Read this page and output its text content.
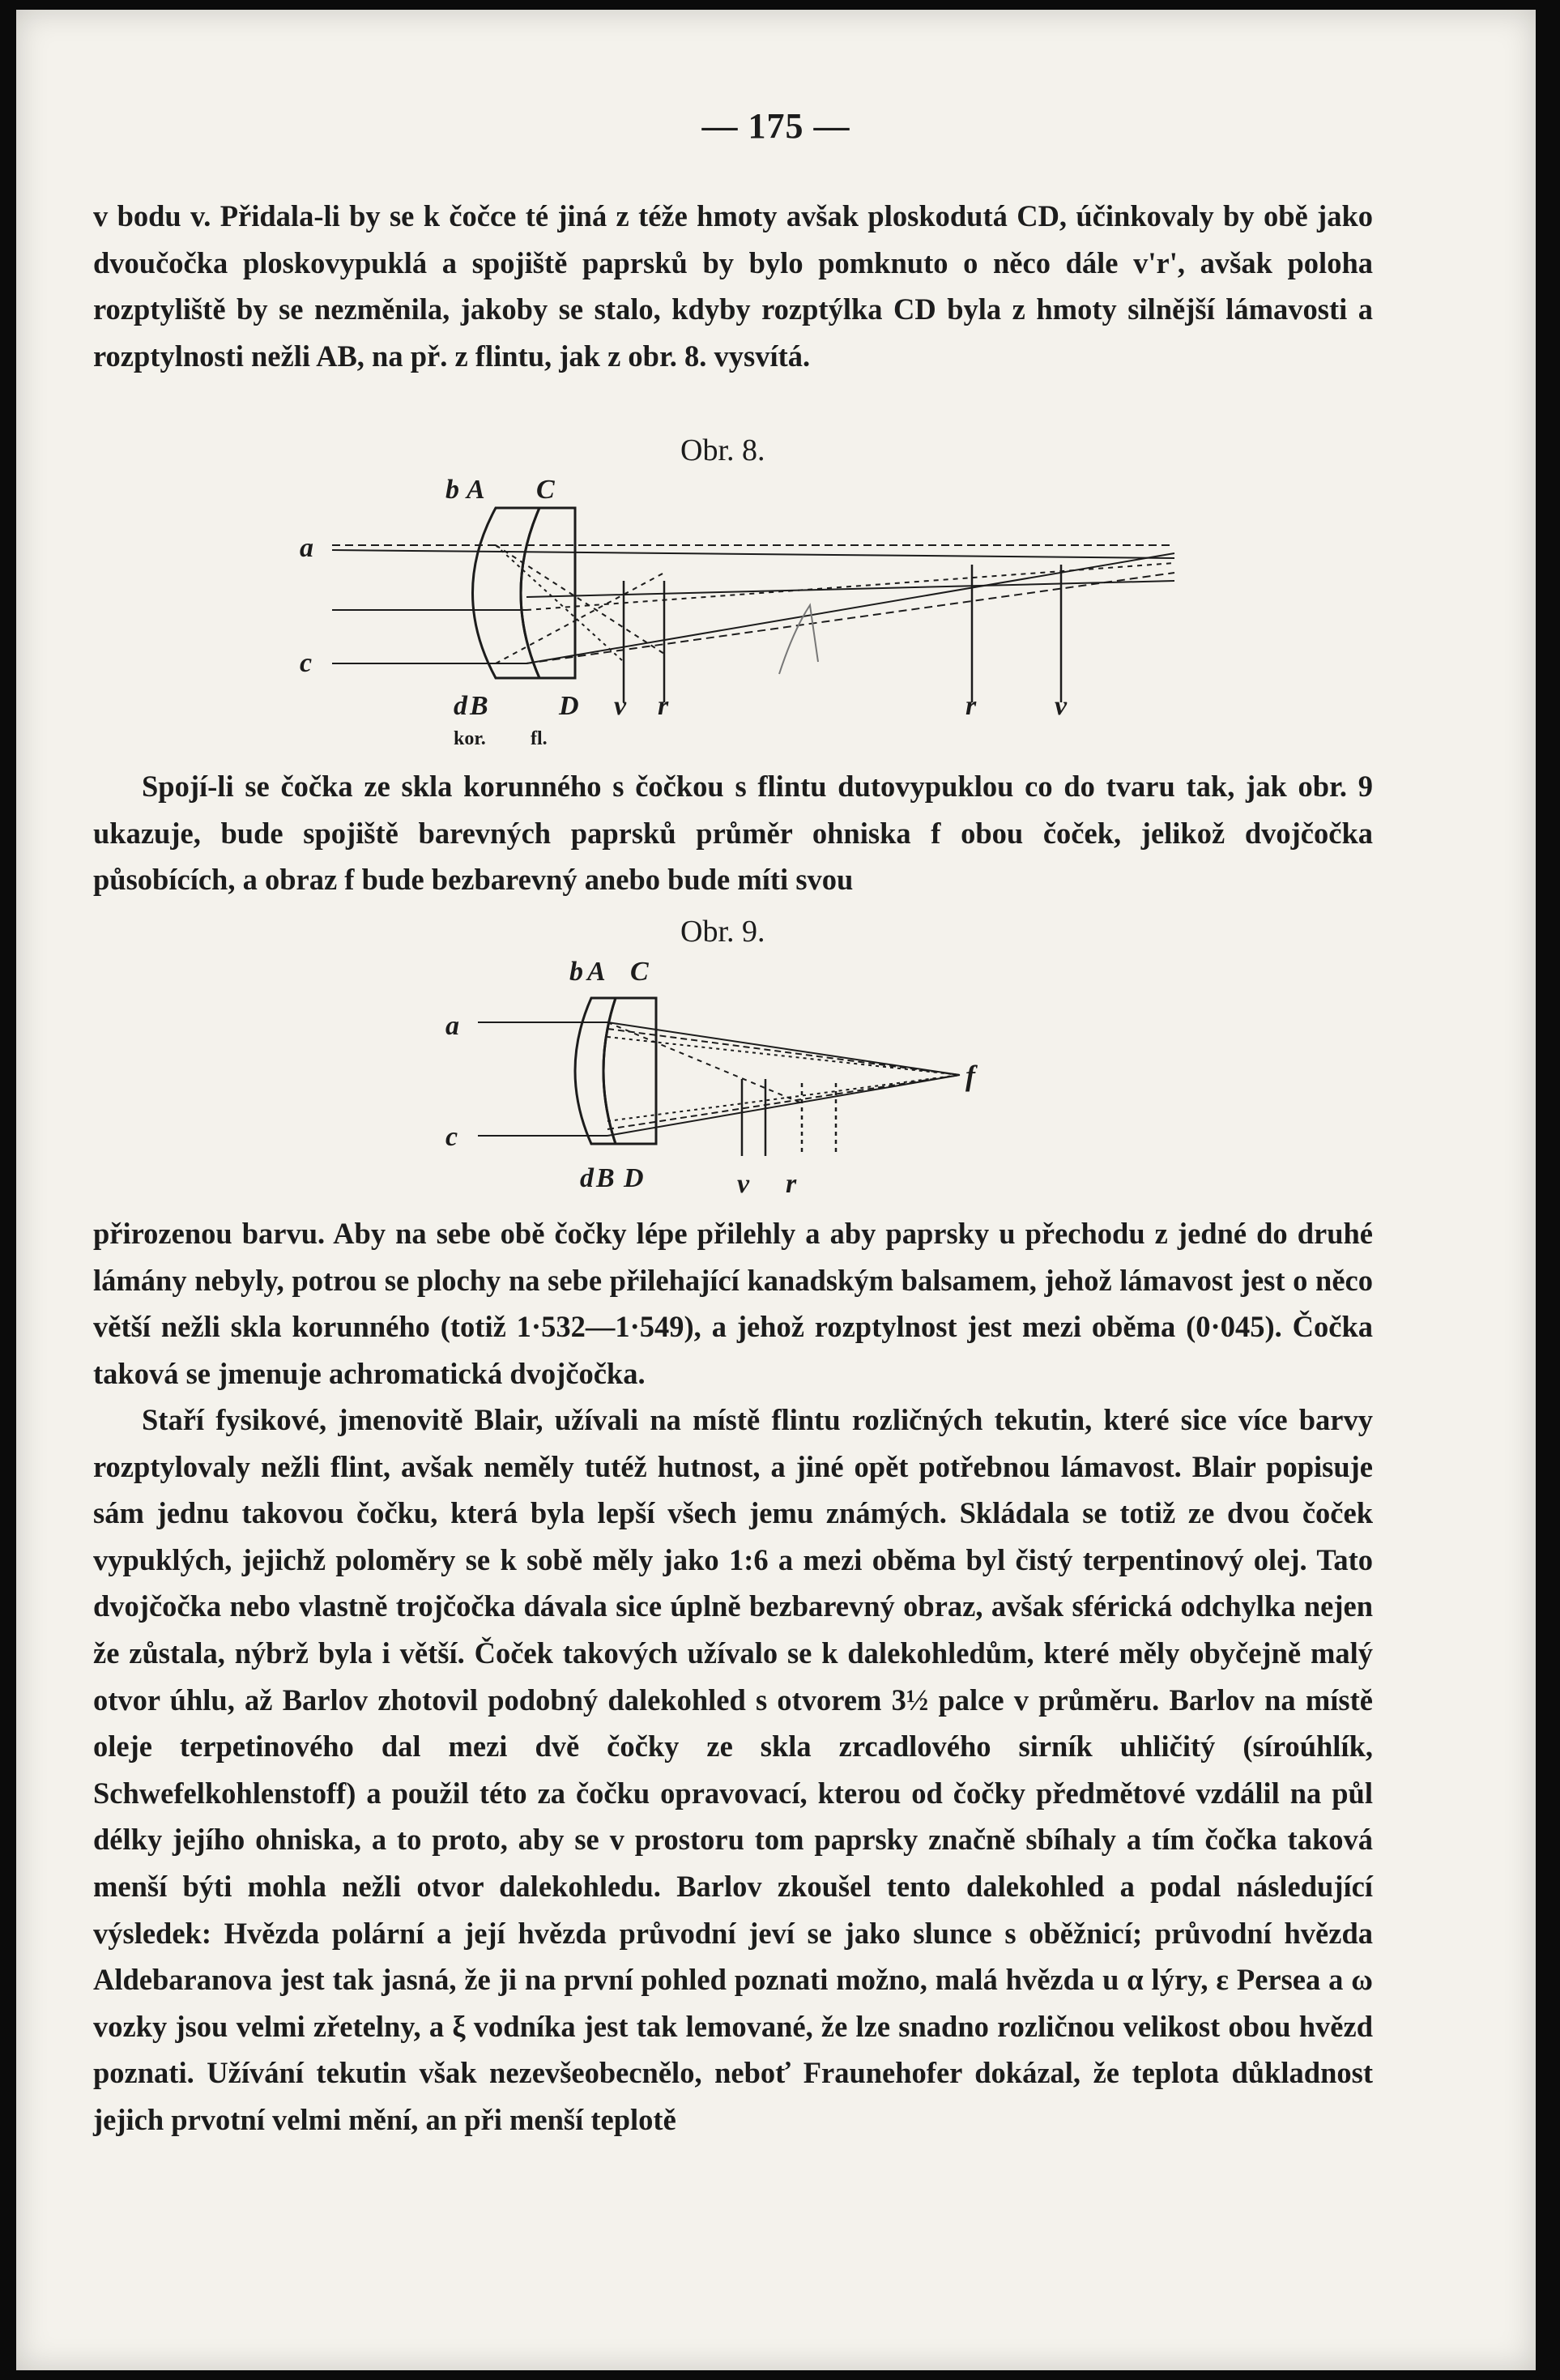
— 175 —

v bodu v. Přidala-li by se k čočce té jiná z téže hmoty avšak ploskodutá CD, účinkovaly by obě jako dvoučočka ploskovypuklá a spojiště paprsků by bylo pomknuto o něco dále v'r', avšak poloha rozptyliště by se nezměnila, jakoby se stalo, kdyby rozptýlka CD byla z hmoty silnější lámavosti a rozptylnosti nežli AB, na př. z flintu, jak z obr. 8. vysvítá.

Obr. 8.
b A C
a
c
d B	D v r	r	v
kor. fl.

Spojí-li se čočka ze skla korunného s čočkou s flintu dutovypuklou co do tvaru tak, jak obr. 9 ukazuje, bude spojiště barevných paprsků průměr ohniska f obou čoček, jelikož dvojčočka působících, a obraz f bude bezbarevný anebo bude míti svou

Obr. 9.
b A C
a
c
f
d B D	v r

přirozenou barvu. Aby na sebe obě čočky lépe přilehly a aby paprsky u přechodu z jedné do druhé lámány nebyly, potrou se plochy na sebe přilehající kanadským balsamem, jehož lámavost jest o něco větší nežli skla korunného (totiž 1·532—1·549), a jehož rozptylnost jest mezi oběma (0·045). Čočka taková se jmenuje achromatická dvojčočka.

Staří fysikové, jmenovitě Blair, užívali na místě flintu rozličných tekutin, které sice více barvy rozptylovaly nežli flint, avšak neměly tutéž hutnost, a jiné opět potřebnou lámavost. Blair popisuje sám jednu takovou čočku, která byla lepší všech jemu známých. Skládala se totiž ze dvou čoček vypuklých, jejichž poloměry se k sobě měly jako 1:6 a mezi oběma byl čistý terpentinový olej. Tato dvojčočka nebo vlastně trojčočka dávala sice úplně bezbarevný obraz, avšak sférická odchylka nejen že zůstala, nýbrž byla i větší. Čoček takových užívalo se k dalekohledům, které měly obyčejně malý otvor úhlu, až Barlov zhotovil podobný dalekohled s otvorem 3½ palce v průměru. Barlov na místě oleje terpetinového dal mezi dvě čočky ze skla zrcadlového sirník uhličitý (síroúhlík, Schwefelkohlenstoff) a použil této za čočku opravovací, kterou od čočky předmětové vzdálil na půl délky jejího ohniska, a to proto, aby se v prostoru tom paprsky značně sbíhaly a tím čočka taková menší býti mohla nežli otvor dalekohledu. Barlov zkoušel tento dalekohled a podal následující výsledek: Hvězda polární a její hvězda průvodní jeví se jako slunce s oběžnicí; průvodní hvězda Aldebaranova jest tak jasná, že ji na první pohled poznati možno, malá hvězda u α lýry, ε Persea a ω vozky jsou velmi zřetelny, a ξ vodníka jest tak lemované, že lze snadno rozličnou velikost obou hvězd poznati. Užívání tekutin však nezevšeobecnělo, neboť Fraunehofer dokázal, že teplota důkladnost jejich prvotní velmi mění, an při menší teplotě
